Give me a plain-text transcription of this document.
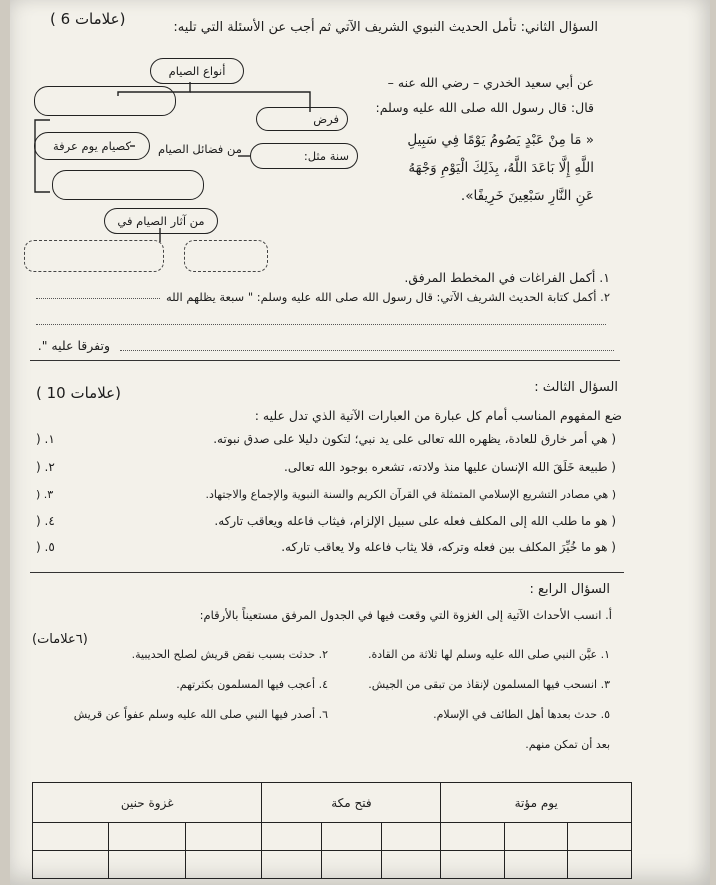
( 6 علامات)	السؤال الثاني: تأمل الحديث النبوي الشريف الآتي ثم أجب عن الأسئلة التي تليه:
عن أبي سعيد الخدري – رضي الله عنه –
قال: قال رسول الله صلى الله عليه وسلم:
« مَا مِنْ عَبْدٍ يَصُومُ يَوْمًا فِي سَبِيلِ
اللَّهِ إِلَّا بَاعَدَ اللَّهُ، بِذَلِكَ الْيَوْمِ وَجْهَهُ
عَنِ النَّارِ سَبْعِينَ خَرِيفًا».
أنواع الصيام
فرض
كصيام يوم عرفة	من فضائل الصيام	سنة مثل:
من آثار الصيام في
١. أكمل الفراغات في المخطط المرفق.
٢. أكمل كتابة الحديث الشريف الآتي: قال رسول الله صلى الله عليه وسلم: " سبعة يظلهم الله
وتفرقا عليه ".
( 10 علامات)	السؤال الثالث :
ضع المفهوم المناسب أمام كل عبارة من العبارات الآتية الذي تدل عليه :
( هي أمر خارق للعادة، يظهره الله تعالى على يد نبي؛ لتكون دليلا على صدق نبوته.
) .١
( طبيعة خَلَقَ الله الإنسان عليها منذ ولادته، تشعره بوجود الله تعالى.
) .٢
( هي مصادر التشريع الإسلامي المتمثلة في القرآن الكريم والسنة النبوية والإجماع والاجتهاد.
) .٣
( هو ما طلب الله إلى المكلف فعله على سبيل الإلزام، فيثاب فاعله ويعاقب تاركه.
) .٤
( هو ما خُيِّرَ المكلف بين فعله وتركه، فلا يثاب فاعله ولا يعاقب تاركه.
) .٥
السؤال الرابع :
(٦علامات)
أ. انسب الأحداث الآتية إلى الغزوة التي وقعت فيها في الجدول المرفق مستعيناً بالأرقام:
١. عيَّن النبي صلى الله عليه وسلم لها ثلاثة من القادة.
٢. حدثت بسبب نقض قريش لصلح الحديبية.
٣. انسحب فيها المسلمون لإنقاذ من تبقى من الجيش.
٤. أعجب فيها المسلمون بكثرتهم.
٥. حدث بعدها أهل الطائف في الإسلام.
٦. أصدر فيها النبي صلى الله عليه وسلم عفواً عن قريش
بعد أن تمكن منهم.
غزوة حنين			فتح مكة			يوم مؤتة		
